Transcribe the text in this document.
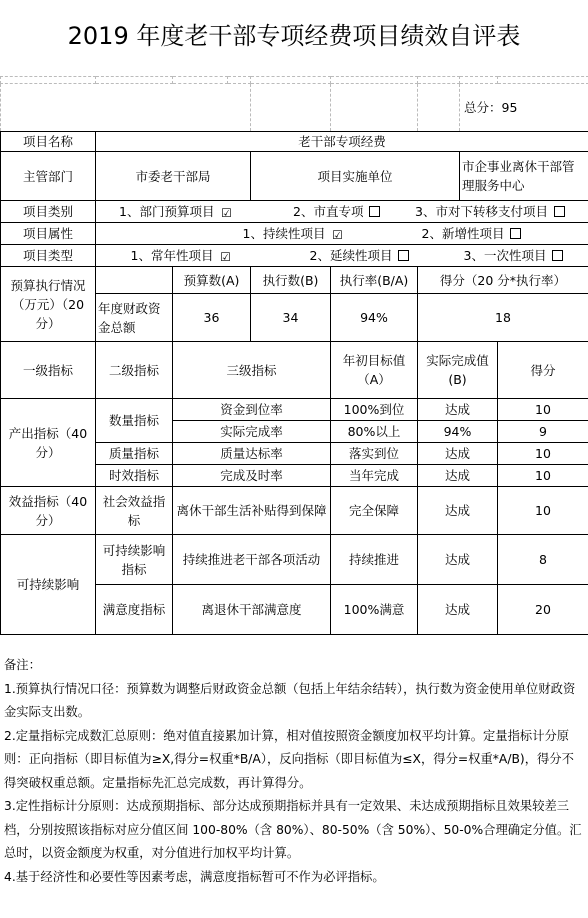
2019 年度老干部专项经费项目绩效自评表

							总分：95	
项目名称	老干部专项经费							
主管部门	市委老干部局			项目实施单位			市企事业离休干部管理服务中心	
项目类别	1、部门预算项目 ☑ 2、市直专项 3、市对下转移支付项目							
项目属性	1、持续性项目 ☑ 2、新增性项目							
项目类型	1、常年性项目 ☑ 2、延续性项目 3、一次性项目							
预算执行情况（万元）（20 分）		预算数(A)		执行数(B)	执行率(B/A)	得分（20 分*执行率）		
	年度财政资金总额	36		34	94%	18		
一级指标	二级指标	三级指标			年初目标值（A）	实际完成值(B)		得分
产出指标（40 分）	数量指标	资金到位率			100%到位	达成		10
		实际完成率			80%以上	94%		9
	质量指标	质量达标率			落实到位	达成		10
	时效指标	完成及时率			当年完成	达成		10
效益指标（40 分）	社会效益指标	离休干部生活补贴得到保障			完全保障	达成		10
可持续影响	可持续影响指标	持续推进老干部各项活动			持续推进	达成		8
	满意度指标	离退休干部满意度			100%满意	达成		20

备注：

1.预算执行情况口径：预算数为调整后财政资金总额（包括上年结余结转），执行数为资金使用单位财政资金实际支出数。

2.定量指标完成数汇总原则：绝对值直接累加计算，相对值按照资金额度加权平均计算。定量指标计分原则：正向指标（即目标值为≥X,得分=权重*B/A），反向指标（即目标值为≤X，得分=权重*A/B)，得分不得突破权重总额。定量指标先汇总完成数，再计算得分。

3.定性指标计分原则：达成预期指标、部分达成预期指标并具有一定效果、未达成预期指标且效果较差三档，分别按照该指标对应分值区间 100-80%（含 80%）、80-50%（含 50%）、50-0%合理确定分值。汇总时，以资金额度为权重，对分值进行加权平均计算。

4.基于经济性和必要性等因素考虑，满意度指标暂可不作为必评指标。
